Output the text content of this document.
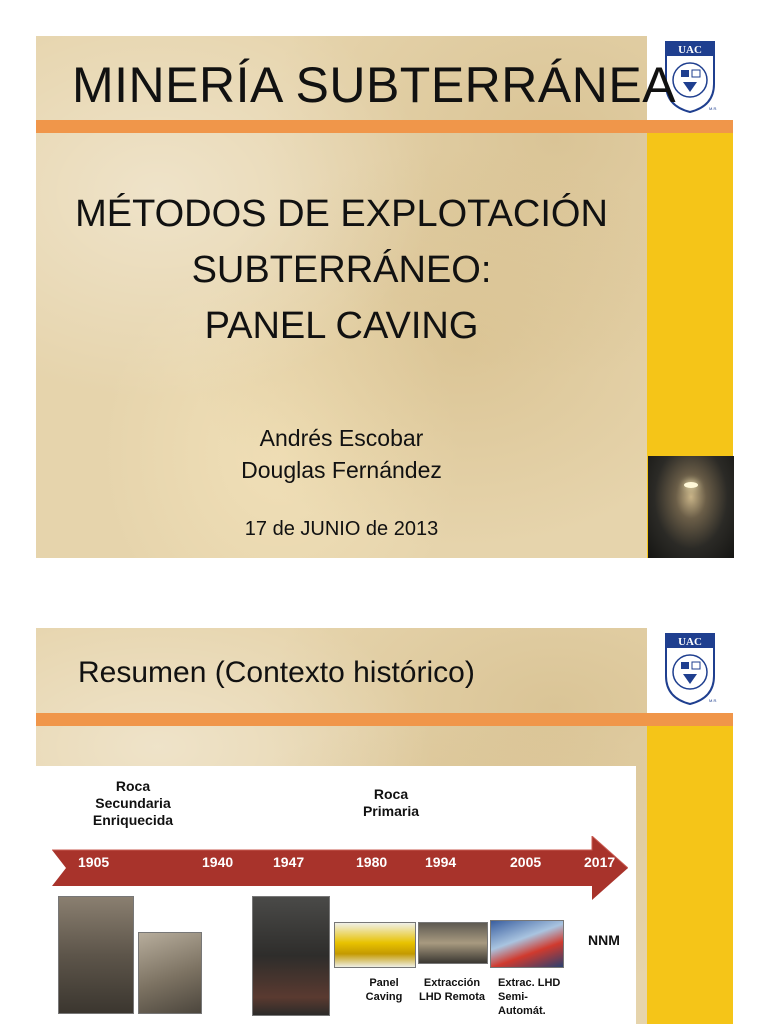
UAC
M.R.
MINERÍA SUBTERRÁNEA
MÉTODOS DE EXPLOTACIÓN
SUBTERRÁNEO:
PANEL CAVING
Andrés Escobar
Douglas Fernández
17 de JUNIO de 2013
UAC
M.R.
Resumen (Contexto histórico)
Roca
Secundaria
Enriquecida
Roca
Primaria
1905	1940	1947	1980	1994	2005	2017
NNM
Panel
Caving
Extracción
LHD Remota
Extrac. LHD
Semi-
Automát.
